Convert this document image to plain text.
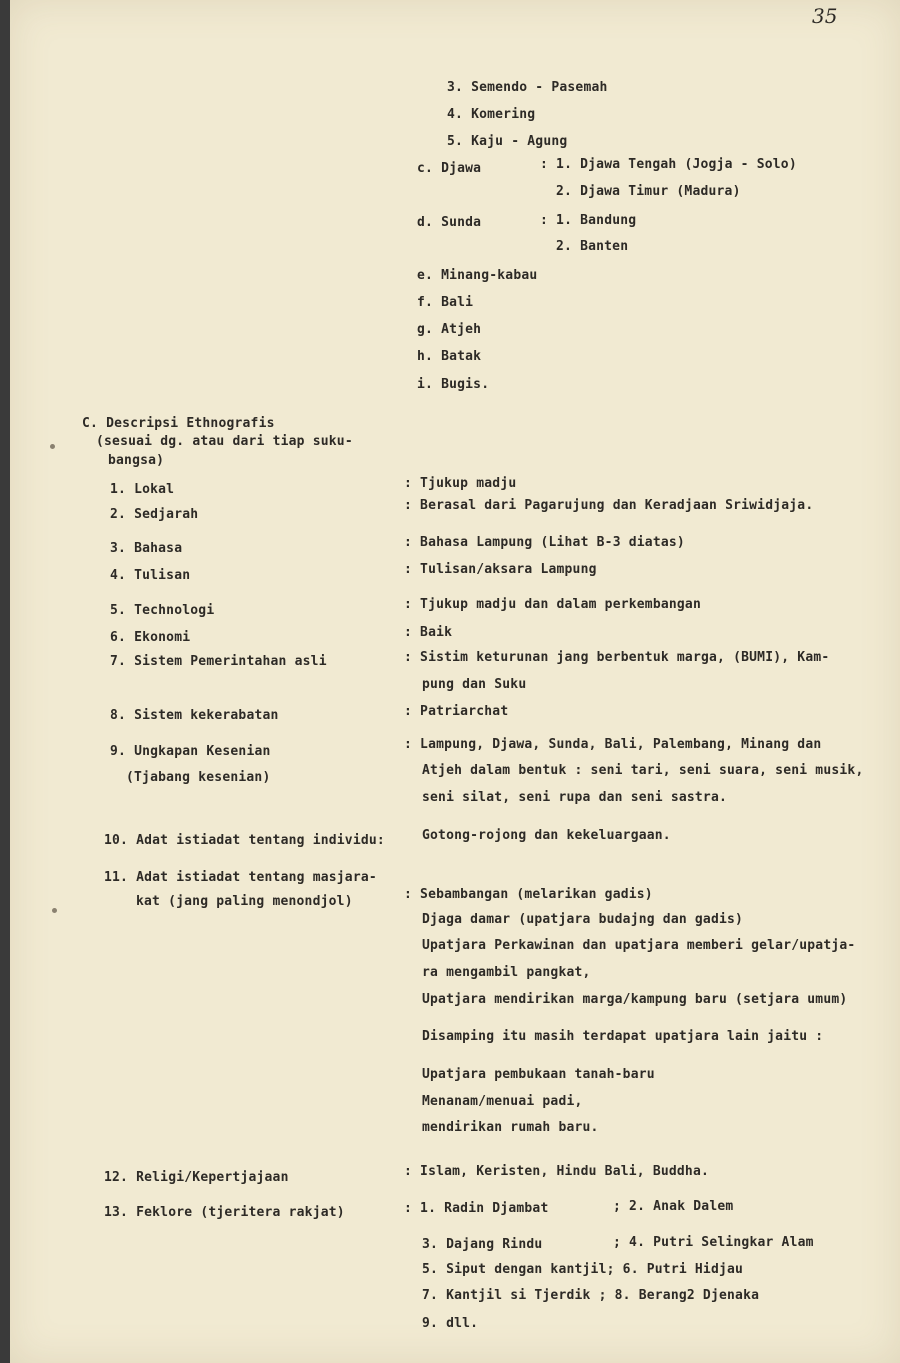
35
3. Semendo - Pasemah
4. Komering
5. Kaju - Agung
c. Djawa	: 1. Djawa Tengah (Jogja - Solo)
2. Djawa Timur (Madura)
d. Sunda	: 1. Bandung
2. Banten
e. Minang-kabau
f. Bali
g. Atjeh
h. Batak
i. Bugis.
C. Descripsi Ethnografis
(sesuai dg. atau dari tiap suku-
bangsa)
1. Lokal	: Tjukup madju
2. Sedjarah
: Berasal dari Pagarujung dan Keradjaan Sriwidjaja.
3. Bahasa	: Bahasa Lampung (Lihat B-3 diatas)
4. Tulisan	: Tulisan/aksara Lampung
5. Technologi	: Tjukup madju dan dalam perkembangan
6. Ekonomi	: Baik
7. Sistem Pemerintahan asli	: Sistim keturunan jang berbentuk marga, (BUMI), Kam-
pung dan Suku
8. Sistem kekerabatan	: Patriarchat
9. Ungkapan Kesenian
(Tjabang kesenian)
: Lampung, Djawa, Sunda, Bali, Palembang, Minang dan
Atjeh dalam bentuk : seni tari, seni suara, seni musik,
seni silat, seni rupa dan seni sastra.
10. Adat istiadat tentang individu:	Gotong-rojong dan kekeluargaan.
11. Adat istiadat tentang masjara-
kat (jang paling menondjol)	: Sebambangan (melarikan gadis)
Djaga damar (upatjara budajng dan gadis)
Upatjara Perkawinan dan upatjara memberi gelar/upatja-
ra mengambil pangkat,
Upatjara mendirikan marga/kampung baru (setjara umum)
Disamping itu masih terdapat upatjara lain jaitu :
Upatjara pembukaan tanah-baru
Menanam/menuai padi,
mendirikan rumah baru.
12. Religi/Kepertjajaan	: Islam, Keristen, Hindu Bali, Buddha.
13. Feklore (tjeritera rakjat)	: 1. Radin Djambat	; 2. Anak Dalem
3. Dajang Rindu	; 4. Putri Selingkar Alam
5. Siput dengan kantjil; 6. Putri Hidjau
7. Kantjil si Tjerdik ; 8. Berang2 Djenaka
9. dll.
